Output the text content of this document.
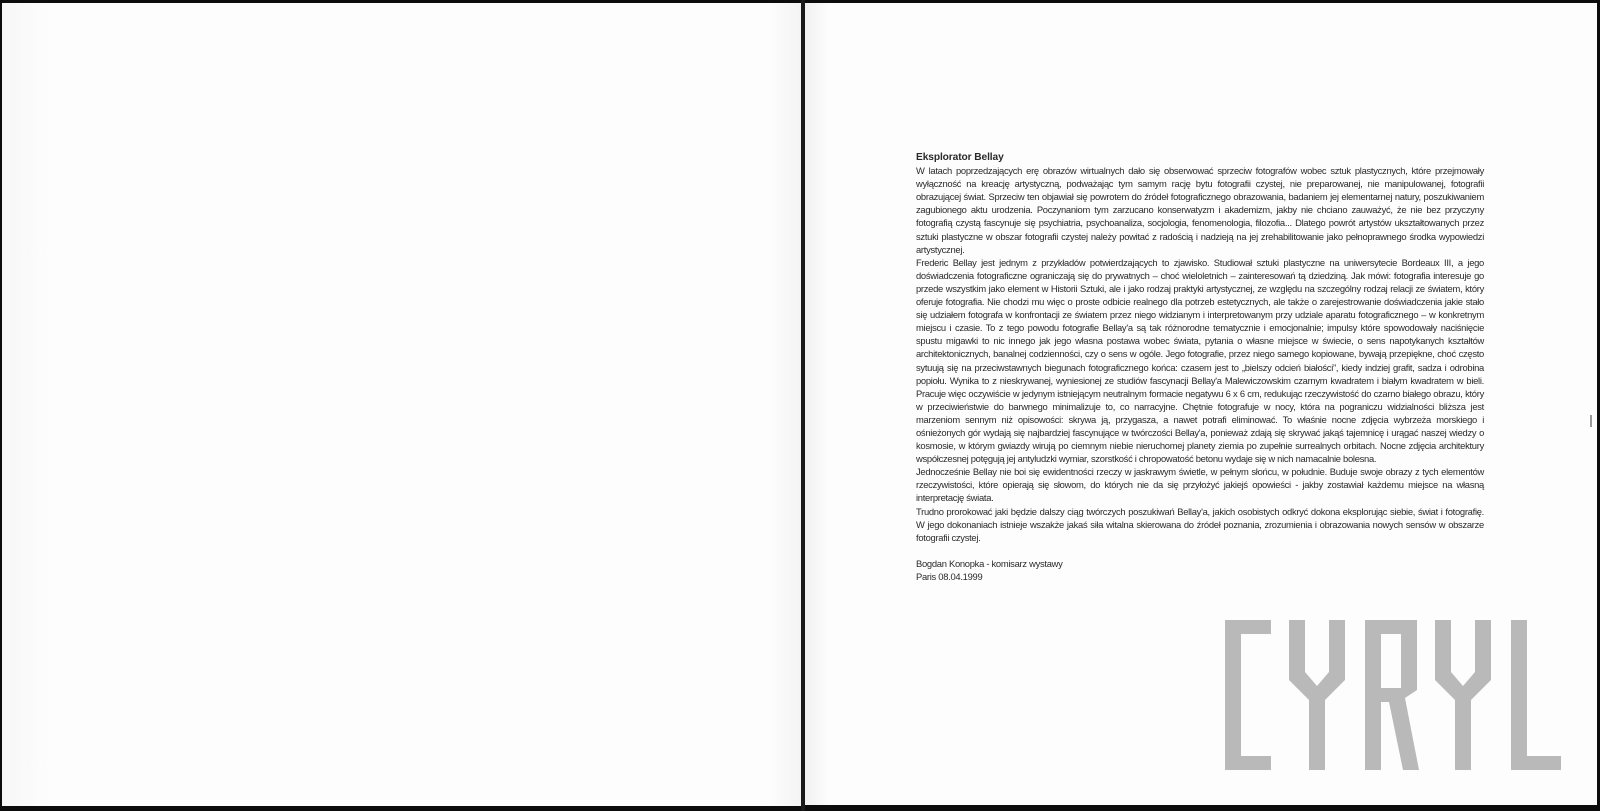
Eksplorator Bellay

W latach poprzedzających erę obrazów wirtualnych dało się obserwować sprzeciw fotografów wobec sztuk plastycznych, które przejmowały wyłączność na kreację artystyczną, podważając tym samym rację bytu fotografii czystej, nie preparowanej, nie manipulowanej, fotografii obrazującej świat. Sprzeciw ten objawiał się powrotem do źródeł fotograficznego obrazowania, badaniem jej elementarnej natury, poszukiwaniem zagubionego aktu urodzenia. Poczynaniom tym zarzucano konserwatyzm i akademizm, jakby nie chciano zauważyć, że nie bez przyczyny fotografią czystą fascynuje się psychiatria, psychoanaliza, socjologia, fenomenologia, filozofia... Dlatego powrót artystów ukształtowanych przez sztuki plastyczne w obszar fotografii czystej należy powitać z radością i nadzieją na jej zrehabilitowanie jako pełnoprawnego środka wypowiedzi artystycznej.

Frederic Bellay jest jednym z przykładów potwierdzających to zjawisko. Studiował sztuki plastyczne na uniwersytecie Bordeaux III, a jego doświadczenia fotograficzne ograniczają się do prywatnych – choć wieloletnich – zainteresowań tą dziedziną. Jak mówi: fotografia interesuje go przede wszystkim jako element w Historii Sztuki, ale i jako rodzaj praktyki artystycznej, ze względu na szczególny rodzaj relacji ze światem, który oferuje fotografia. Nie chodzi mu więc o proste odbicie realnego dla potrzeb estetycznych, ale także o zarejestrowanie doświadczenia jakie stało się udziałem fotografa w konfrontacji ze światem przez niego widzianym i interpretowanym przy udziale aparatu fotograficznego – w konkretnym miejscu i czasie. To z tego powodu fotografie Bellay'a są tak różnorodne tematycznie i emocjonalnie; impulsy które spowodowały naciśnięcie spustu migawki to nic innego jak jego własna postawa wobec świata, pytania o własne miejsce w świecie, o sens napotykanych kształtów architektonicznych, banalnej codzienności, czy o sens w ogóle. Jego fotografie, przez niego samego kopiowane, bywają przepiękne, choć często sytuują się na przeciwstawnych biegunach fotograficznego końca: czasem jest to „bielszy odcień białości”, kiedy indziej grafit, sadza i odrobina popiołu. Wynika to z nieskrywanej, wyniesionej ze studiów fascynacji Bellay'a Malewiczowskim czarnym kwadratem i białym kwadratem w bieli. Pracuje więc oczywiście w jedynym istniejącym neutralnym formacie negatywu 6 x 6 cm, redukując rzeczywistość do czarno białego obrazu, który w przeciwieństwie do barwnego minimalizuje to, co narracyjne. Chętnie fotografuje w nocy, która na pograniczu widzialności bliższa jest marzeniom sennym niż opisowości: skrywa ją, przygasza, a nawet potrafi eliminować. To właśnie nocne zdjęcia wybrzeża morskiego i ośnieżonych gór wydają się najbardziej fascynujące w twórczości Bellay'a, ponieważ zdają się skrywać jakąś tajemnicę i urągać naszej wiedzy o kosmosie, w którym gwiazdy wirują po ciemnym niebie nieruchomej planety ziemia po zupełnie surrealnych orbitach. Nocne zdjęcia architektury współczesnej potęgują jej antyludzki wymiar, szorstkość i chropowatość betonu wydaje się w nich namacalnie bolesna.

Jednocześnie Bellay nie boi się ewidentności rzeczy w jaskrawym świetle, w pełnym słońcu, w południe. Buduje swoje obrazy z tych elementów rzeczywistości, które opierają się słowom, do których nie da się przyłożyć jakiejś opowieści - jakby zostawiał każdemu miejsce na własną interpretację świata.

Trudno prorokować jaki będzie dalszy ciąg twórczych poszukiwań Bellay'a, jakich osobistych odkryć dokona eksplorując siebie, świat i fotografię. W jego dokonaniach istnieje wszakże jakaś siła witalna skierowana do źródeł poznania, zrozumienia i obrazowania nowych sensów w obszarze fotografii czystej.

Bogdan Konopka - komisarz wystawy

Paris 08.04.1999
